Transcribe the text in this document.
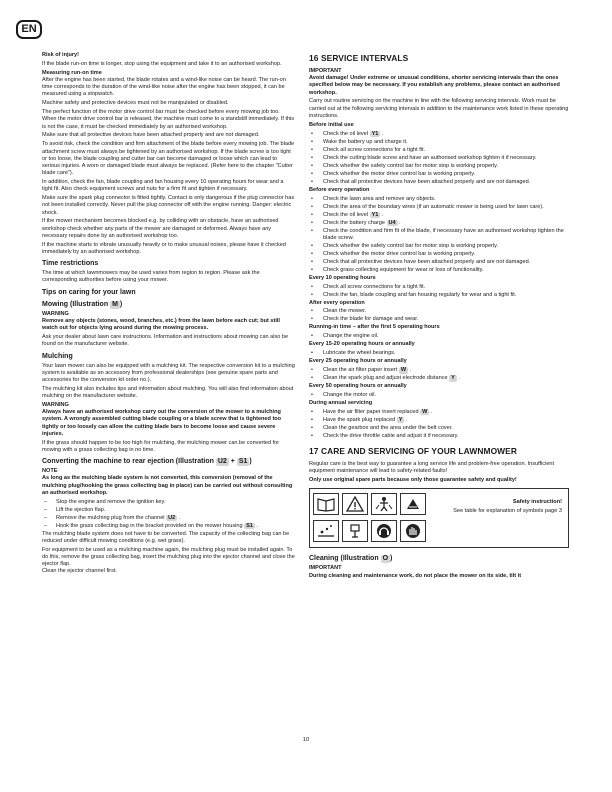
EN

Risk of injury!

If the blade run-on time is longer, stop using the equipment and take it to an authorised workshop.

Measuring run-on time

After the engine has been started, the blade rotates and a wind-like noise can be heard. The run-on time corresponds to the duration of the wind-like noise after the engine has been stopped, it can be measured using a stopwatch.

Machine safety and protective devices must not be manipulated or disabled.

The perfect function of the motor drive control bar must be checked before every mowing job too. When the motor drive control bar is released, the machine must come to a standstill immediately. If this is not the case, it must be checked immediately by an authorised workshop.

Make sure that all protective devices have been attached properly and are not damaged.

To avoid risk, check the condition and firm attachment of the blade before every mowing job. The blade attachment screw must always be tightened by an authorised workshop. If the blade screw is too tight or too loose, the blade coupling and cutter bar can become damaged or loose which can lead to serious injuries. A worn or damaged blade must always be replaced. (Refer here to the chapter "Cutter blade care").

In addition, check the fan, blade coupling and fan housing every 10 operating hours for wear and a tight fit. Also check equipment screws and nuts for a firm fit and tighten if necessary.

Make sure the spark plug connector is fitted tightly. Contact is only dangerous if the plug connector has not been installed correctly. Never pull the plug connector off with the engine running. Danger: electric shock.

If the mower mechanism becomes blocked e.g. by colliding with an obstacle, have an authorised workshop check whether any parts of the mower are damaged or deformed. Always have any necessary repairs done by an authorised workshop too.

If the machine starts to vibrate unusually heavily or to make unusual noises, please have it checked immediately by an authorised workshop.

Time restrictions

The time at which lawnmowers may be used varies from region to region. Please ask the corresponding authorities before using your mower.

Tips on caring for your lawn
Mowing (Illustration M )

WARNING

Remove any objects (stones, wood, branches, etc.) from the lawn before each cut; but still watch out for objects lying around during the mowing process.

Ask your dealer about lawn care instructions. Information and instructions about mowing can also be found on the manufacturer website.

Mulching

Your lawn mower can also be equipped with a mulching kit. The respective conversion kit to a mulching system is available as an accessory from professional dealerships (see genuine spare parts and accessories for the conversion kit order no.).

The mulching kit also includes tips and information about mulching. You will also find information about mulching on the manufacturer website.

WARNING

Always have an authorised workshop carry out the conversion of the mower to a mulching system. A wrongly assembled cutting blade coupling or a blade screw that is tightened too tightly or too loosely can allow the cutting blade bars to become loose and cause severe injuries.

If the grass should happen to be too high for mulching, the mulching mower can be converted for mowing with a grass collecting bag in no time.

Converting the machine to rear ejection (Illustration U2 + S1 )

NOTE

As long as the mulching blade system is not converted, this conversion (removal of the mulching plug/hooking the grass collecting bag in place) can be carried out without consulting an authorised workshop.

– Stop the engine and remove the ignition key.
– Lift the ejection flap.
– Remove the mulching plug from the channel U2 .
– Hook the grass collecting bag in the bracket provided on the mower housing S1 .

The mulching blade system does not have to be converted. The capacity of the collecting bag can be reduced under difficult mowing conditions (e.g. wet grass).

For equipment to be used as a mulching machine again, the mulching plug must be installed again. To do this, remove the grass collecting bag, insert the mulching plug into the ejector channel and close the ejector flap.

Clean the ejector channel first.

16 SERVICE INTERVALS

IMPORTANT

Avoid damage! Under extreme or unusual conditions, shorter servicing intervals than the ones specified below may be necessary. If you establish any problems, please contact an authorised workshop.

Carry out routine servicing on the machine in line with the following servicing intervals. Work must be carried out at the following servicing intervals in addition to the maintenance work listed in these operating instructions.

Before initial use

• Check the oil level Y1 .
• Wake the battery up and charge it.
• Check all screw connections for a tight fit.
• Check the cutting blade screw and have an authorised workshop tighten it if necessary.
• Check whether the safety control bar for motor stop is working properly.
• Check whether the motor drive control bar is working properly.
• Check that all protective devices have been attached properly and are not damaged.

Before every operation

• Check the lawn area and remove any objects.
• Check the area of the boundary wires (if an automatic mower is being used for lawn care).
• Check the oil level Y1 .
• Check the battery charge U4 .
• Check the condition and firm fit of the blade, if necessary have an authorised workshop tighten the blade screw.
• Check whether the safety control bar for motor stop is working properly.
• Check whether the motor drive control bar is working properly.
• Check that all protective devices have been attached properly and are not damaged.
• Check grass collecting equipment for wear or loss of functionality.

Every 10 operating hours

• Check all screw connections for a tight fit.
• Check the fan, blade coupling and fan housing regularly for wear and a tight fit.

After every operation

• Clean the mower.
• Check the blade for damage and wear.

Running-in time – after the first 5 operating hours

• Change the engine oil.

Every 15-20 operating hours or annually

• Lubricate the wheel bearings.

Every 25 operating hours or annually

• Clean the air filter paper insert W .
• Clean the spark plug and adjust electrode distance Y .

Every 50 operating hours or annually

• Change the motor oil.

During annual servicing

• Have the air filter paper insert replaced W .
• Have the spark plug replaced Y .
• Clean the gearbox and the area under the belt cover.
• Check the drive throttle cable and adjust it if necessary.
17 CARE AND SERVICING OF YOUR LAWNMOWER

Regular care is the best way to guarantee a long service life and problem-free operation. Insufficient equipment maintenance will lead to safety-related faults!

Only use original spare parts because only those guarantee safety and quality!

Safety instruction!
See table for explanation of symbols page 3
Cleaning (Illustration O )

IMPORTANT

During cleaning and maintenance work, do not place the mower on its side, tilt it

10
